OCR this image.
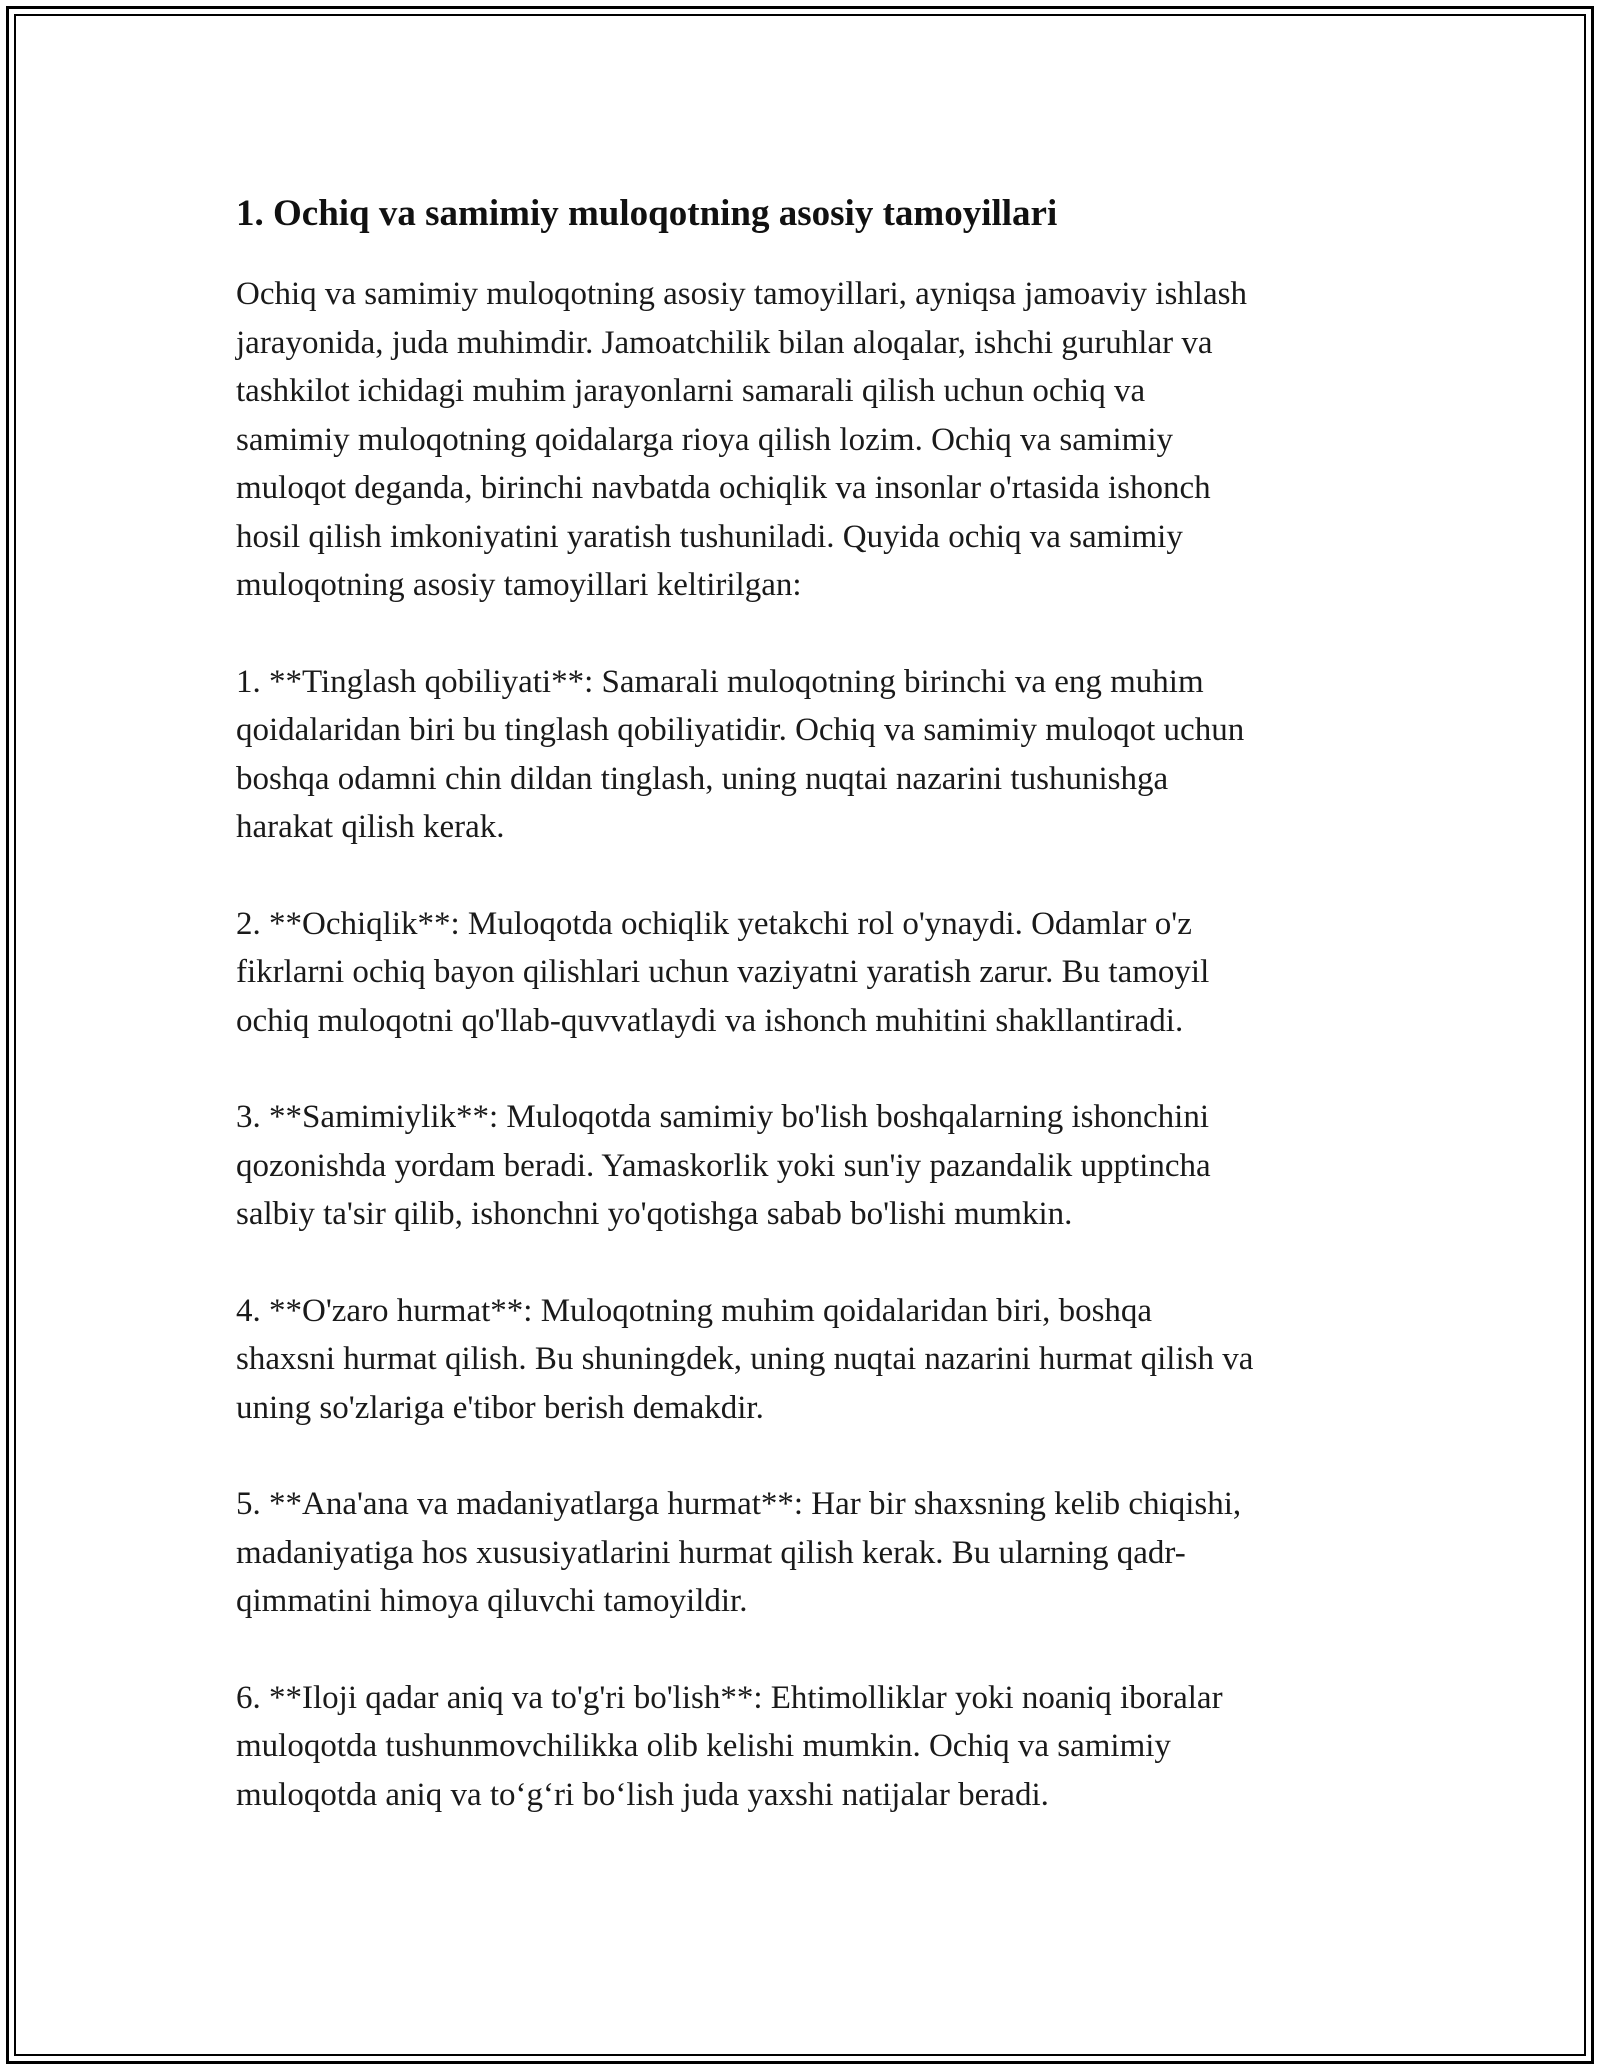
1. Ochiq va samimiy muloqotning asosiy tamoyillari

Ochiq va samimiy muloqotning asosiy tamoyillari, ayniqsa jamoaviy ishlash
jarayonida, juda muhimdir. Jamoatchilik bilan aloqalar, ishchi guruhlar va
tashkilot ichidagi muhim jarayonlarni samarali qilish uchun ochiq va
samimiy muloqotning qoidalarga rioya qilish lozim. Ochiq va samimiy
muloqot deganda, birinchi navbatda ochiqlik va insonlar o'rtasida ishonch
hosil qilish imkoniyatini yaratish tushuniladi. Quyida ochiq va samimiy
muloqotning asosiy tamoyillari keltirilgan:

1. **Tinglash qobiliyati**: Samarali muloqotning birinchi va eng muhim
qoidalaridan biri bu tinglash qobiliyatidir. Ochiq va samimiy muloqot uchun
boshqa odamni chin dildan tinglash, uning nuqtai nazarini tushunishga
harakat qilish kerak.

2. **Ochiqlik**: Muloqotda ochiqlik yetakchi rol o'ynaydi. Odamlar o'z
fikrlarni ochiq bayon qilishlari uchun vaziyatni yaratish zarur. Bu tamoyil
ochiq muloqotni qo'llab-quvvatlaydi va ishonch muhitini shakllantiradi.

3. **Samimiylik**: Muloqotda samimiy bo'lish boshqalarning ishonchini
qozonishda yordam beradi. Yamaskorlik yoki sun'iy pazandalik upptincha
salbiy ta'sir qilib, ishonchni yo'qotishga sabab bo'lishi mumkin.

4. **O'zaro hurmat**: Muloqotning muhim qoidalaridan biri, boshqa
shaxsni hurmat qilish. Bu shuningdek, uning nuqtai nazarini hurmat qilish va
uning so'zlariga e'tibor berish demakdir.

5. **Ana'ana va madaniyatlarga hurmat**: Har bir shaxsning kelib chiqishi,
madaniyatiga hos xususiyatlarini hurmat qilish kerak. Bu ularning qadr-
qimmatini himoya qiluvchi tamoyildir.

6. **Iloji qadar aniq va to'g'ri bo'lish**: Ehtimolliklar yoki noaniq iboralar
muloqotda tushunmovchilikka olib kelishi mumkin. Ochiq va samimiy
muloqotda aniq va to‘g‘ri bo‘lish juda yaxshi natijalar beradi.
